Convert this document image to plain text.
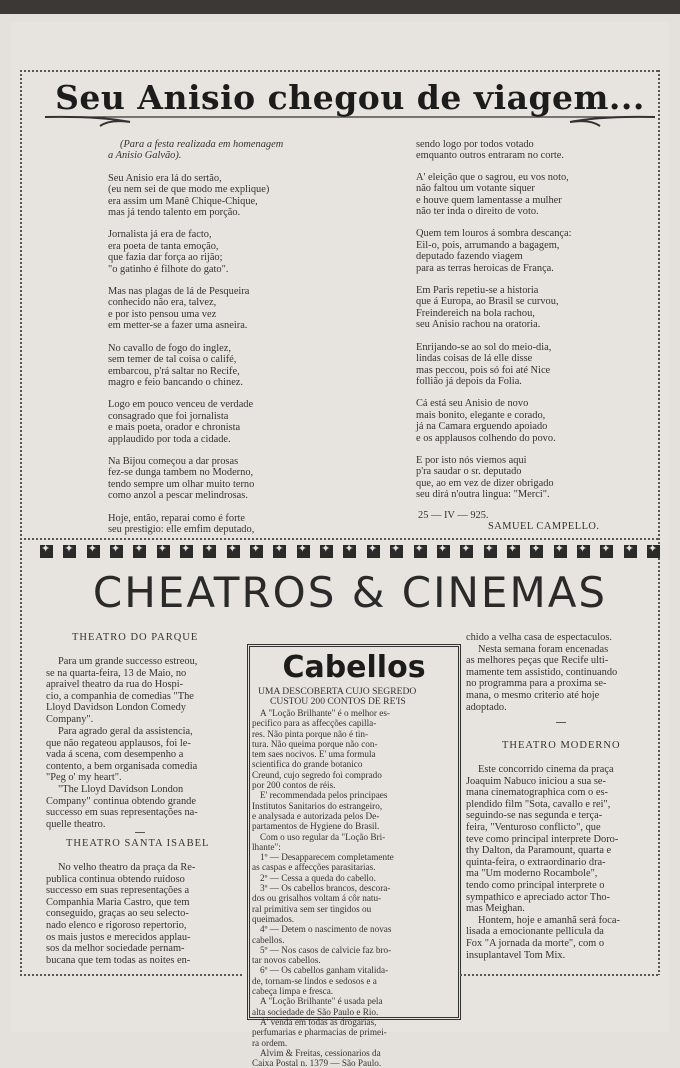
Seu Anisio chegou de viagem...

(Para a festa realizada em homenagem
a Anisio Galvão).

Seu Anisio era lá do sertão,
(eu nem sei de que modo me explique)
era assim um Manê Chique-Chique,
mas já tendo talento em porção.

Jornalista já era de facto,
era poeta de tanta emoção,
que fazia dar força ao rijão;
"o gatinho é filhote do gato".

Mas nas plagas de lá de Pesqueira
conhecido não era, talvez,
e por isto pensou uma vez
em metter-se a fazer uma asneira.

No cavallo de fogo do inglez,
sem temer de tal coisa o califé,
embarcou, p'rá saltar no Recife,
magro e feio bancando o chinez.

Logo em pouco venceu de verdade
consagrado que foi jornalista
e mais poeta, orador e chronista
applaudido por toda a cidade.

Na Bijou começou a dar prosas
fez-se dunga tambem no Moderno,
tendo sempre um olhar muito terno
como anzol a pescar melindrosas.

Hoje, então, reparai como é forte
seu prestigio: elle emfim deputado,

sendo logo por todos votado
emquanto outros entraram no corte.

A' eleição que o sagrou, eu vos noto,
não faltou um votante siquer
e houve quem lamentasse a mulher
não ter inda o direito de voto.

Quem tem louros á sombra descança:
Eil-o, pois, arrumando a bagagem,
deputado fazendo viagem
para as terras heroicas de França.

Em Paris repetiu-se a historia
que á Europa, ao Brasil se curvou,
Freindereich na bola rachou,
seu Anisio rachou na oratoria.

Enrijando-se ao sol do meio-dia,
lindas coisas de lá elle disse
mas peccou, pois só foi até Nice
follião já depois da Folia.

Cá está seu Anisio de novo
mais bonito, elegante e corado,
já na Camara erguendo apoiado
e os applausos colhendo do povo.

E por isto nós viemos aqui
p'ra saudar o sr. deputado
que, ao em vez de dizer obrigado
seu dirá n'outra lingua: "Merci".

25 — IV — 925.
SAMUEL CAMPELLO.
✦
✦
✦
✦
✦
✦
✦
✦
✦
✦
✦
✦
✦
✦
✦
✦
✦
✦
✦
✦
✦
✦
✦
✦
✦
✦
✦
CHEATROS & CINEMAS
THEATRO DO PARQUE
Para um grande successo estreou,
se na quarta-feira, 13 de Maio, no
apraivel theatro da rua do Hospi-
cio, a companhia de comedias "The
Lloyd Davidson London Comedy
Company".
Para agrado geral da assistencia,
que não regateou applausos, foi le-
vada á scena, com desempenho a
contento, a bem organisada comedia
"Peg o' my heart".
"The Lloyd Davidson London
Company" continua obtendo grande
successo em suas representações na-
quelle theatro.
THEATRO SANTA ISABEL
No velho theatro da praça da Re-
publica continua obtendo ruidoso
successo em suas representações a
Companhia Maria Castro, que tem
conseguido, graças ao seu selecto-
nado elenco e rigoroso repertorio,
os mais justos e merecidos applau-
sos da melhor sociedade pernam-
bucana que tem todas as noites en-
Cabellos
UMA DESCOBERTA CUJO SEGREDO
CUSTOU 200 CONTOS DE RE'IS
A "Loção Brilhante" é o melhor es-
pecifico para as affecções capilla-
res. Não pinta porque não é tin-
tura. Não queima porque não con-
tem saes nocivos. E' uma formula
scientifica do grande botanico
Creund, cujo segredo foi comprado
por 200 contos de réis.
E' recommendada pelos principaes
Institutos Sanitarios do estrangeiro,
e analysada e autorizada pelos De-
partamentos de Hygiene do Brasil.
Com o uso regular da "Loção Bri-
lhante":
1º — Desapparecem completamente
as caspas e affecções parasitarias.
2º — Cessa a queda do cabello.
3º — Os cabellos brancos, descora-
dos ou grisalhos voltam á côr natu-
ral primitiva sem ser tingidos ou
queimados.
4º — Detem o nascimento de novas
cabellos.
5º — Nos casos de calvicie faz bro-
tar novos cabellos.
6º — Os cabellos ganham vitalida-
de, tornam-se lindos e sedosos e a
cabeça limpa e fresca.
A "Loção Brilhante" é usada pela
alta sociedade de São Paulo e Rio.
A' venda em todas as drogarias,
perfumarias e pharmacias de primei-
ra ordem.
Alvim & Freitas, cessionarios da
Caixa Postal n. 1379 — São Paulo.
chido a velha casa de espectaculos.
Nesta semana foram encenadas
as melhores peças que Recife ulti-
mamente tem assistido, continuando
no programma para a proxima se-
mana, o mesmo criterio até hoje
adoptado.
THEATRO MODERNO
Este concorrido cinema da praça
Joaquim Nabuco iniciou a sua se-
mana cinematographica com o es-
plendido film "Sota, cavallo e rei",
seguindo-se nas segunda e terça-
feira, "Venturoso conflicto", que
teve como principal interprete Doro-
thy Dalton, da Paramount, quarta e
quinta-feira, o extraordinario dra-
ma "Um moderno Rocambole",
tendo como principal interprete o
sympathico e apreciado actor Tho-
mas Meighan.
Hontem, hoje e amanhã será foca-
lisada a emocionante pellicula da
Fox "A jornada da morte", com o
insuplantavel Tom Mix.
